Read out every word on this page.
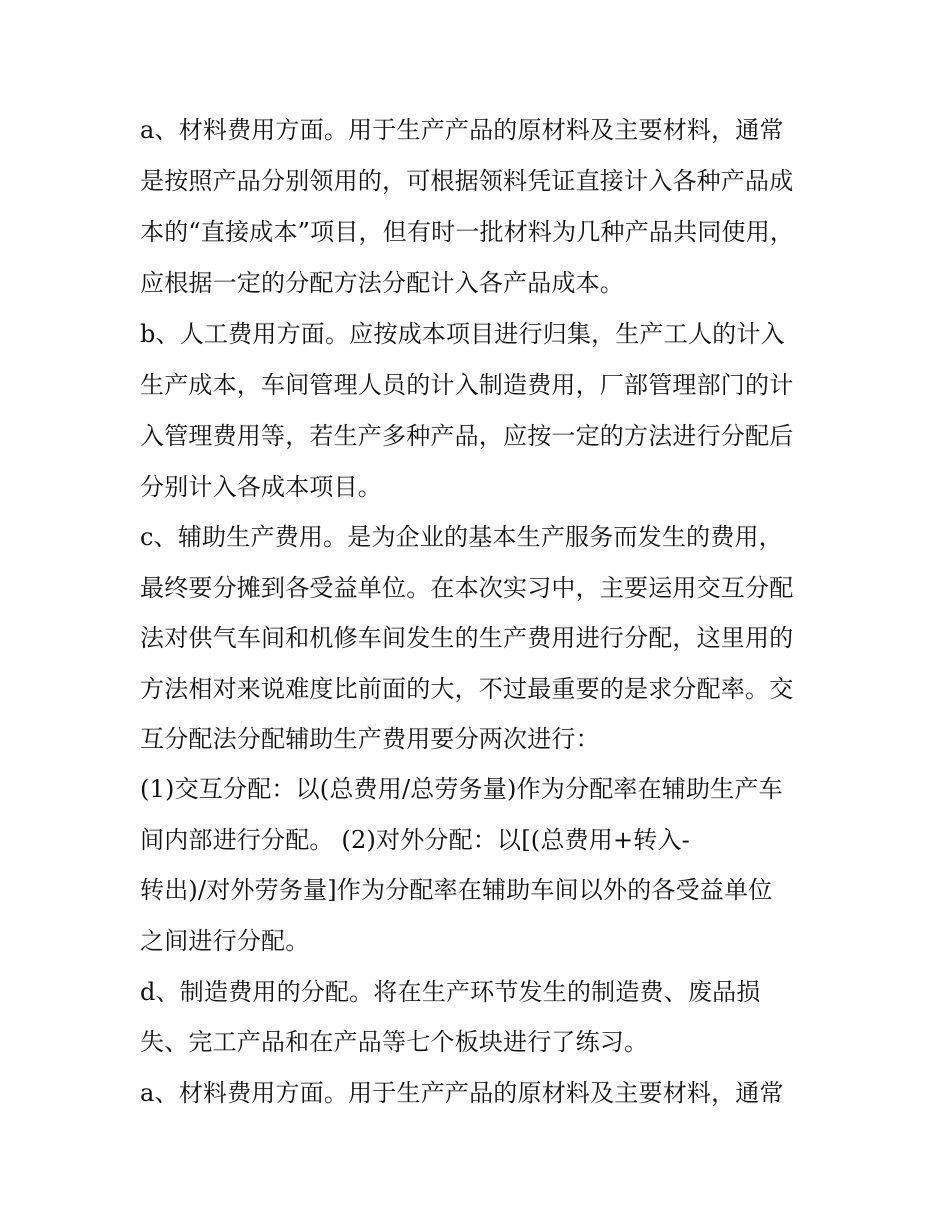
a、材料费用方面。用于生产产品的原材料及主要材料，通常
是按照产品分别领用的，可根据领料凭证直接计入各种产品成
本的“直接成本”项目，但有时一批材料为几种产品共同使用，
应根据一定的分配方法分配计入各产品成本。
b、人工费用方面。应按成本项目进行归集，生产工人的计入
生产成本，车间管理人员的计入制造费用，厂部管理部门的计
入管理费用等，若生产多种产品，应按一定的方法进行分配后
分别计入各成本项目。
c、辅助生产费用。是为企业的基本生产服务而发生的费用，
最终要分摊到各受益单位。在本次实习中，主要运用交互分配
法对供气车间和机修车间发生的生产费用进行分配，这里用的
方法相对来说难度比前面的大，不过最重要的是求分配率。交
互分配法分配辅助生产费用要分两次进行：
(1)交互分配：以(总费用/总劳务量)作为分配率在辅助生产车
间内部进行分配。 (2)对外分配：以[(总费用+转入-
转出)/对外劳务量]作为分配率在辅助车间以外的各受益单位
之间进行分配。
d、制造费用的分配。将在生产环节发生的制造费、废品损
失、完工产品和在产品等七个板块进行了练习。
a、材料费用方面。用于生产产品的原材料及主要材料，通常
